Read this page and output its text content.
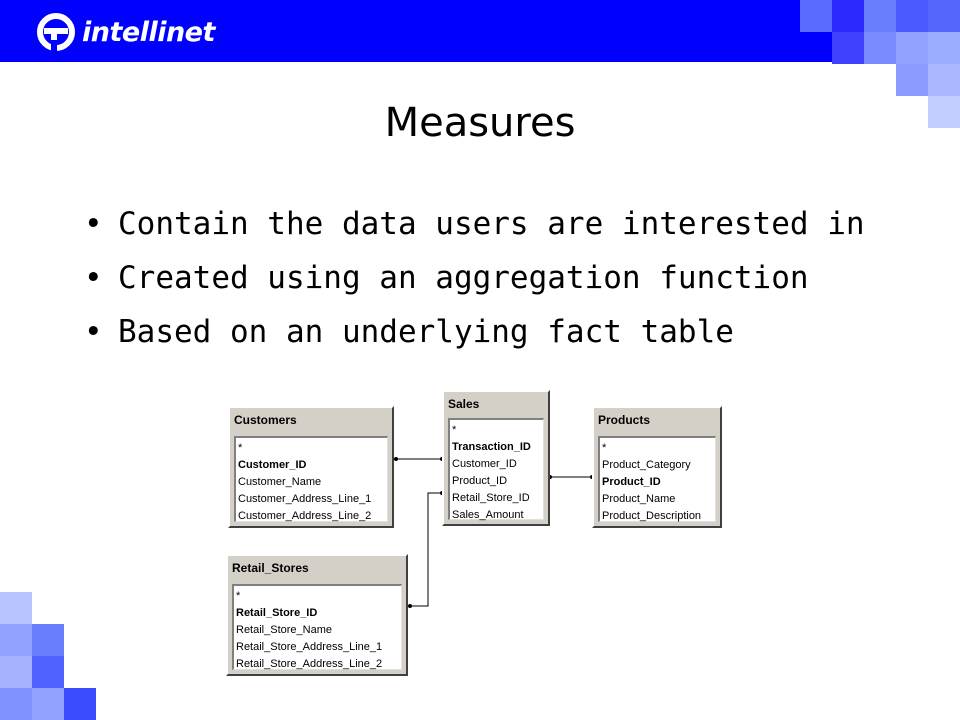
intellinet
Measures
• Contain the data users are interested in
• Created using an aggregation function
• Based on an underlying fact table
Customers
*
Customer_ID
Customer_Name
Customer_Address_Line_1
Customer_Address_Line_2
Sales
*
Transaction_ID
Customer_ID
Product_ID
Retail_Store_ID
Sales_Amount
Products
*
Product_Category
Product_ID
Product_Name
Product_Description
Retail_Stores
*
Retail_Store_ID
Retail_Store_Name
Retail_Store_Address_Line_1
Retail_Store_Address_Line_2
